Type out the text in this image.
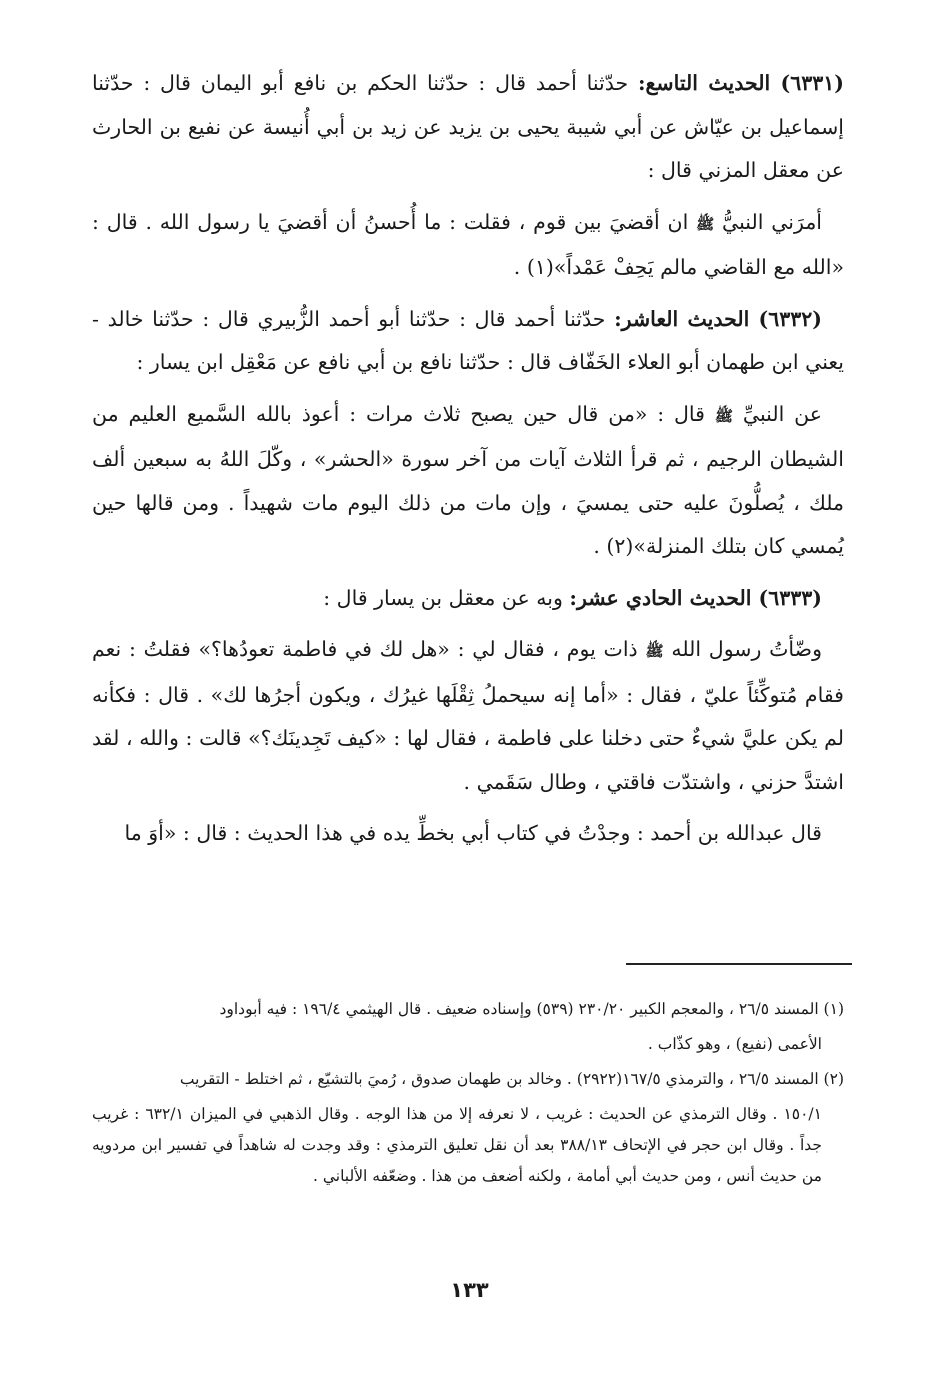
(٦٣٣١) الحديث التاسع: حدّثنا أحمد قال : حدّثنا الحكم بن نافع أبو اليمان قال : حدّثنا إسماعيل بن عيّاش عن أبي شيبة يحيى بن يزيد عن زيد بن أبي أُنيسة عن نفيع بن الحارث عن معقل المزني قال :

أمرَني النبيُّ ﷺ ان أقضيَ بين قوم ، فقلت : ما أُحسنُ أن أقضيَ يا رسول الله . قال : «الله مع القاضي مالم يَحِفْ عَمْداً»(١) .

(٦٣٣٢) الحديث العاشر: حدّثنا أحمد قال : حدّثنا أبو أحمد الزُّبيري قال : حدّثنا خالد - يعني ابن طهمان أبو العلاء الخَفّاف قال : حدّثنا نافع بن أبي نافع عن مَعْقِل ابن يسار :

عن النبيِّ ﷺ قال : «من قال حين يصبح ثلاث مرات : أعوذ بالله السَّميع العليم من الشيطان الرجيم ، ثم قرأ الثلاث آيات من آخر سورة «الحشر» ، وكّلَ اللهُ به سبعين ألف ملك ، يُصلُّونَ عليه حتى يمسيَ ، وإن مات من ذلك اليوم مات شهيداً . ومن قالها حين يُمسي كان بتلك المنزلة»(٢) .

(٦٣٣٣) الحديث الحادي عشر: وبه عن معقل بن يسار قال :

وضّأتُ رسول الله ﷺ ذات يوم ، فقال لي : «هل لك في فاطمة تعودُها؟» فقلتُ : نعم فقام مُتوكِّئاً عليّ ، فقال : «أما إنه سيحملُ ثِقْلَها غيرُك ، ويكون أجرُها لك» . قال : فكأنه لم يكن عليَّ شيءٌ حتى دخلنا على فاطمة ، فقال لها : «كيف تَجِدينَك؟» قالت : والله ، لقد اشتدَّ حزني ، واشتدّت فاقتي ، وطال سَقَمي .

قال عبدالله بن أحمد : وجدْتُ في كتاب أبي بخطِّ يده في هذا الحديث : قال : «أوَ ما

(١) المسند ٢٦/٥ ، والمعجم الكبير ٢٣٠/٢٠ (٥٣٩) وإسناده ضعيف . قال الهيثمي ١٩٦/٤ : فيه أبوداود

الأعمى (نفيع) ، وهو كذّاب .

(٢) المسند ٢٦/٥ ، والترمذي ١٦٧/٥(٢٩٢٢) . وخالد بن طهمان صدوق ، رُميَ بالتشيّع ، ثم اختلط - التقريب

١٥٠/١ . وقال الترمذي عن الحديث : غريب ، لا نعرفه إلا من هذا الوجه . وقال الذهبي في الميزان ٦٣٢/١ : غريب جداً . وقال ابن حجر في الإتحاف ٣٨٨/١٣ بعد أن نقل تعليق الترمذي : وقد وجدت له شاهداً في تفسير ابن مردويه من حديث أنس ، ومن حديث أبي أمامة ، ولكنه أضعف من هذا . وضعّفه الألباني .

١٣٣
